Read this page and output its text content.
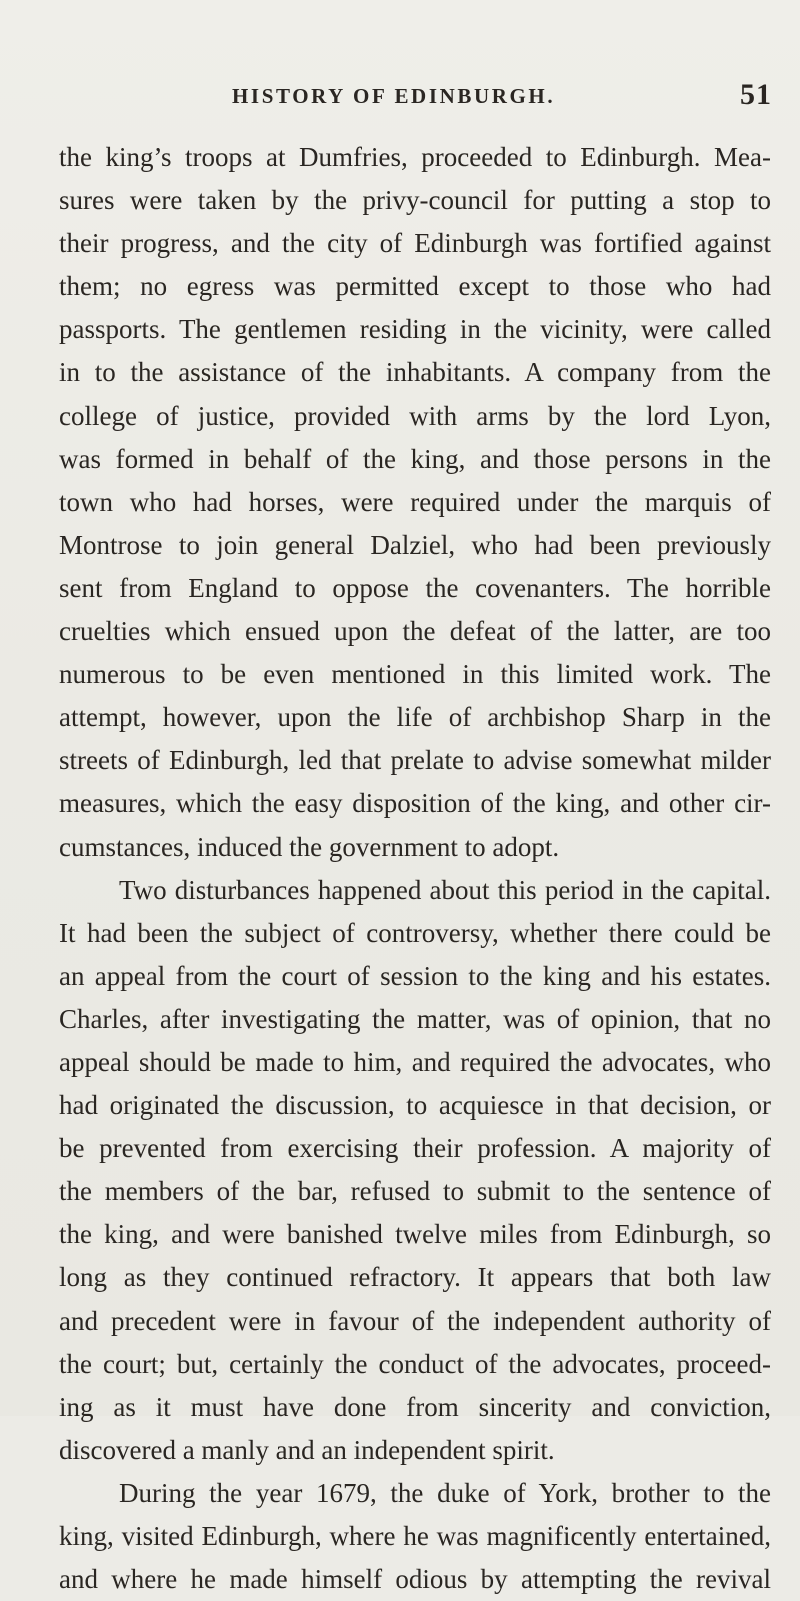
HISTORY OF EDINBURGH.	51
the king’s troops at Dumfries, proceeded to Edinburgh. Mea-
sures were taken by the privy-council for putting a stop to
their progress, and the city of Edinburgh was fortified against
them; no egress was permitted except to those who had
passports. The gentlemen residing in the vicinity, were called
in to the assistance of the inhabitants. A company from the
college of justice, provided with arms by the lord Lyon,
was formed in behalf of the king, and those persons in the
town who had horses, were required under the marquis of
Montrose to join general Dalziel, who had been previously
sent from England to oppose the covenanters. The horrible
cruelties which ensued upon the defeat of the latter, are too
numerous to be even mentioned in this limited work. The
attempt, however, upon the life of archbishop Sharp in the
streets of Edinburgh, led that prelate to advise somewhat milder
measures, which the easy disposition of the king, and other cir-
cumstances, induced the government to adopt.
Two disturbances happened about this period in the capital.
It had been the subject of controversy, whether there could be
an appeal from the court of session to the king and his estates.
Charles, after investigating the matter, was of opinion, that no
appeal should be made to him, and required the advocates, who
had originated the discussion, to acquiesce in that decision, or
be prevented from exercising their profession. A majority of
the members of the bar, refused to submit to the sentence of
the king, and were banished twelve miles from Edinburgh, so
long as they continued refractory. It appears that both law
and precedent were in favour of the independent authority of
the court; but, certainly the conduct of the advocates, proceed-
ing as it must have done from sincerity and conviction,
discovered a manly and an independent spirit.
During the year 1679, the duke of York, brother to the
king, visited Edinburgh, where he was magnificently entertained,
and where he made himself odious by attempting the revival
